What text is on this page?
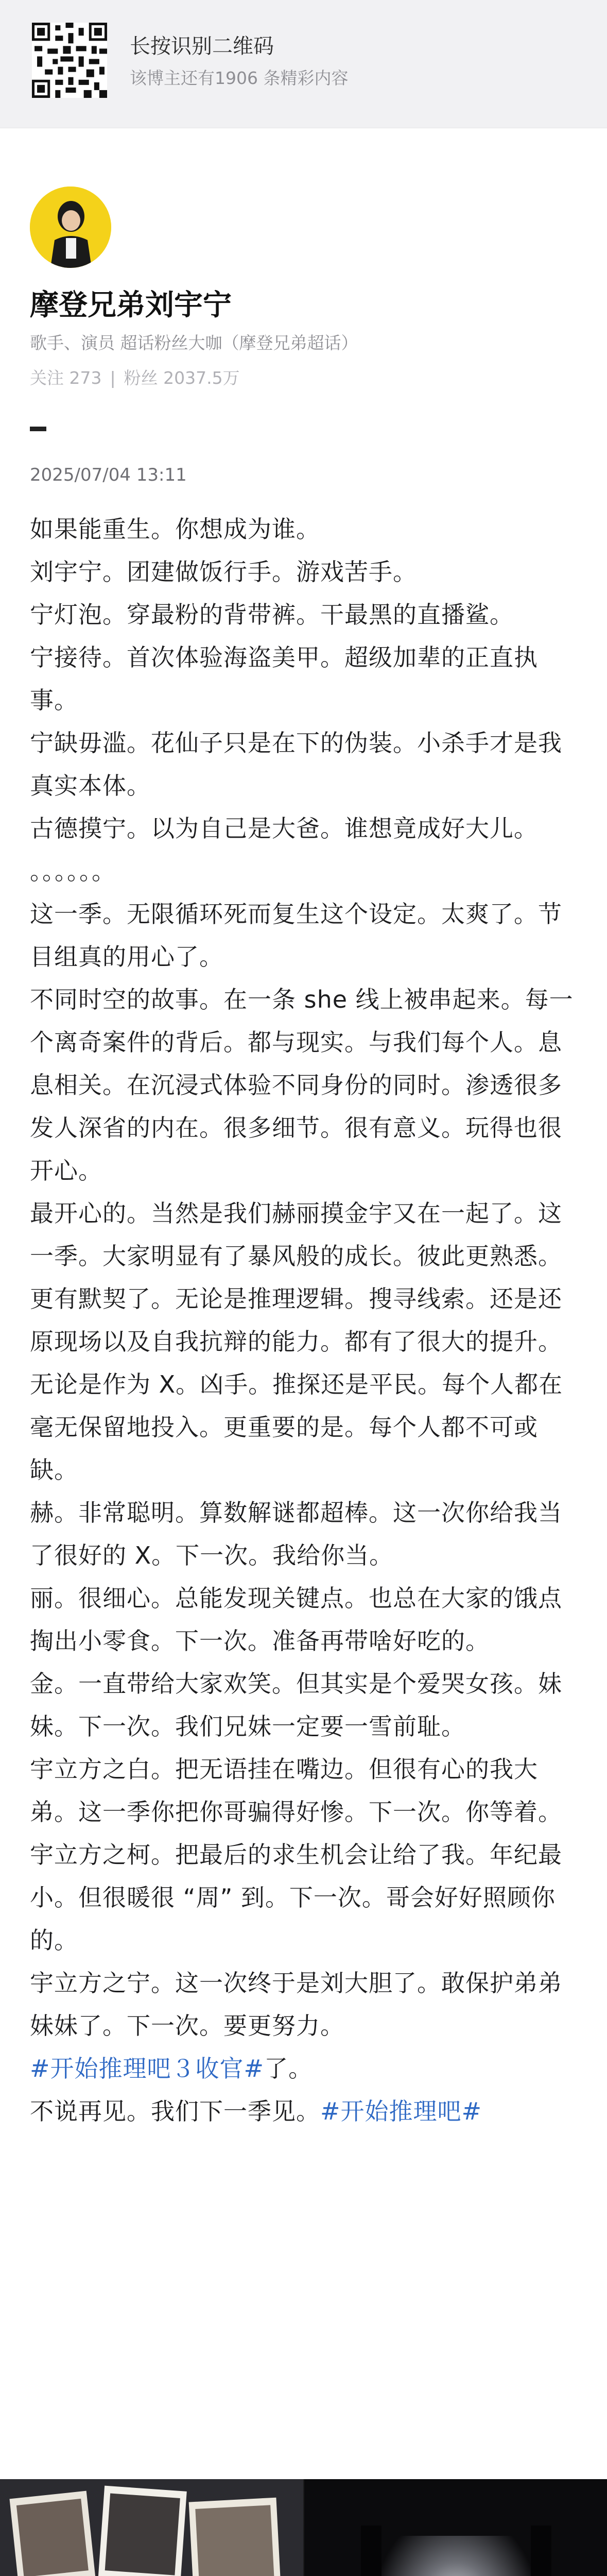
长按识别二维码
该博主还有1906 条精彩内容
摩登兄弟刘宇宁
歌手、演员 超话粉丝大咖（摩登兄弟超话）
关注 273 | 粉丝 2037.5万
2025/07/04 13:11

如果能重生。你想成为谁。

刘宇宁。团建做饭行手。游戏苦手。

宁灯泡。穿最粉的背带裤。干最黑的直播鲨。

宁接待。首次体验海盗美甲。超级加辈的正直执事。

宁缺毋滥。花仙子只是在下的伪装。小杀手才是我真实本体。

古德摸宁。以为自己是大爸。谁想竟成好大儿。

。。。。。。

这一季。无限循环死而复生这个设定。太爽了。节目组真的用心了。

不同时空的故事。在一条 she 线上被串起来。每一个离奇案件的背后。都与现实。与我们每个人。息息相关。在沉浸式体验不同身份的同时。渗透很多发人深省的内在。很多细节。很有意义。玩得也很开心。

最开心的。当然是我们赫丽摸金宇又在一起了。这一季。大家明显有了暴风般的成长。彼此更熟悉。更有默契了。无论是推理逻辑。搜寻线索。还是还原现场以及自我抗辩的能力。都有了很大的提升。无论是作为 X。凶手。推探还是平民。每个人都在毫无保留地投入。更重要的是。每个人都不可或缺。

赫。非常聪明。算数解谜都超棒。这一次你给我当了很好的 X。下一次。我给你当。

丽。很细心。总能发现关键点。也总在大家的饿点掏出小零食。下一次。准备再带啥好吃的。

金。一直带给大家欢笑。但其实是个爱哭女孩。妹妹。下一次。我们兄妹一定要一雪前耻。

宇立方之白。把无语挂在嘴边。但很有心的我大弟。这一季你把你哥骗得好惨。下一次。你等着。

宇立方之柯。把最后的求生机会让给了我。年纪最小。但很暖很 “周” 到。下一次。哥会好好照顾你的。

宇立方之宁。这一次终于是刘大胆了。敢保护弟弟妹妹了。下一次。要更努力。

#开始推理吧３收官#了。

不说再见。我们下一季见。#开始推理吧#
